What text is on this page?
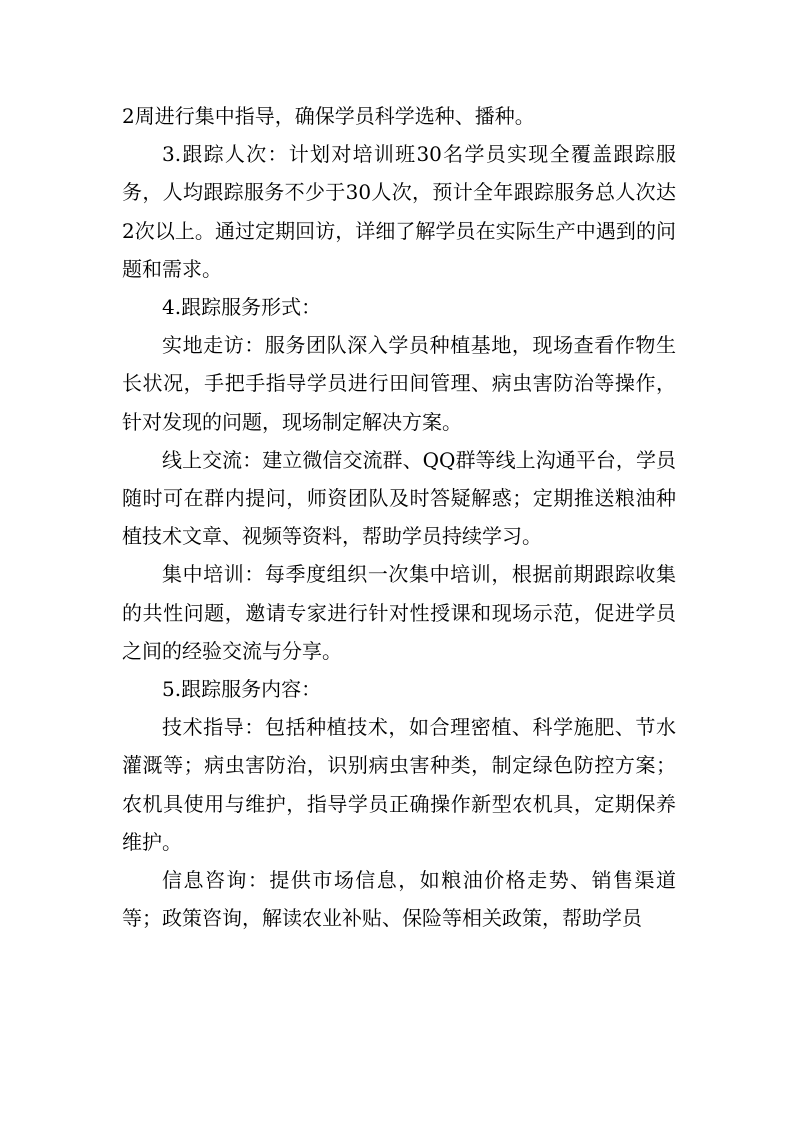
2周进行集中指导，确保学员科学选种、播种。

3.跟踪人次：计划对培训班30名学员实现全覆盖跟踪服务，人均跟踪服务不少于30人次，预计全年跟踪服务总人次达2次以上。通过定期回访，详细了解学员在实际生产中遇到的问题和需求。

4.跟踪服务形式：

实地走访：服务团队深入学员种植基地，现场查看作物生长状况，手把手指导学员进行田间管理、病虫害防治等操作，针对发现的问题，现场制定解决方案。

线上交流：建立微信交流群、QQ群等线上沟通平台，学员随时可在群内提问，师资团队及时答疑解惑；定期推送粮油种植技术文章、视频等资料，帮助学员持续学习。

集中培训：每季度组织一次集中培训，根据前期跟踪收集的共性问题，邀请专家进行针对性授课和现场示范，促进学员之间的经验交流与分享。

5.跟踪服务内容：

技术指导：包括种植技术，如合理密植、科学施肥、节水灌溉等；病虫害防治，识别病虫害种类，制定绿色防控方案；农机具使用与维护，指导学员正确操作新型农机具，定期保养维护。

信息咨询：提供市场信息，如粮油价格走势、销售渠道等；政策咨询，解读农业补贴、保险等相关政策，帮助学员
